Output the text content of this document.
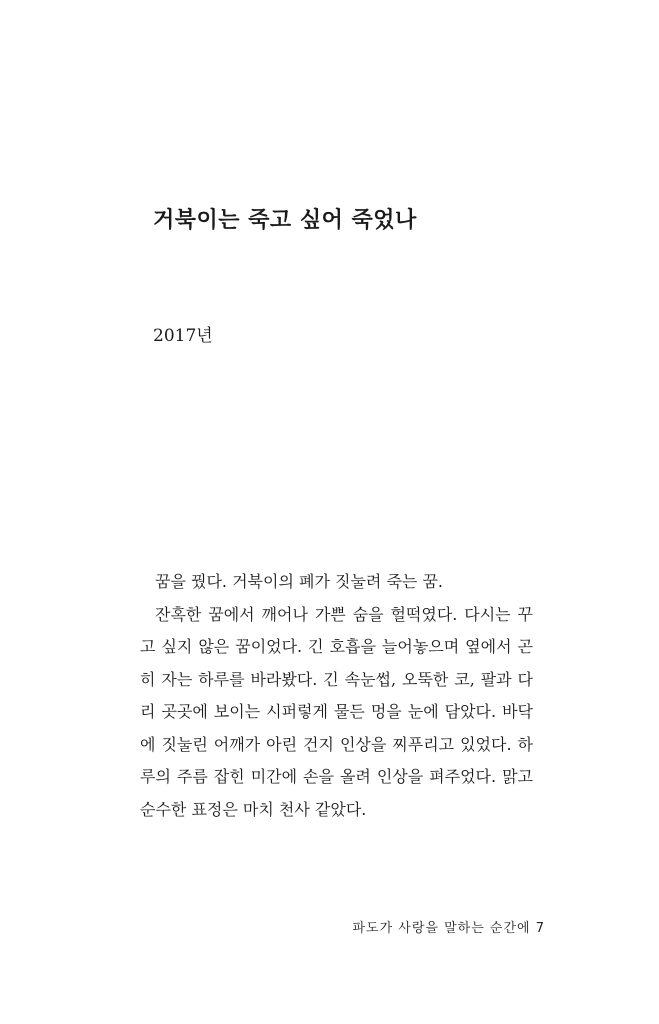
거북이는 죽고 싶어 죽었나

2017년

꿈을 꿨다. 거북이의 폐가 짓눌려 죽는 꿈.
잔혹한 꿈에서 깨어나 가쁜 숨을 헐떡였다. 다시는 꾸고 싶지 않은 꿈이었다. 긴 호흡을 늘어놓으며 옆에서 곤히 자는 하루를 바라봤다. 긴 속눈썹, 오뚝한 코, 팔과 다리 곳곳에 보이는 시퍼렇게 물든 멍을 눈에 담았다. 바닥에 짓눌린 어깨가 아린 건지 인상을 찌푸리고 있었다. 하루의 주름 잡힌 미간에 손을 올려 인상을 펴주었다. 맑고 순수한 표정은 마치 천사 같았다.

파도가 사랑을 말하는 순간에 7
